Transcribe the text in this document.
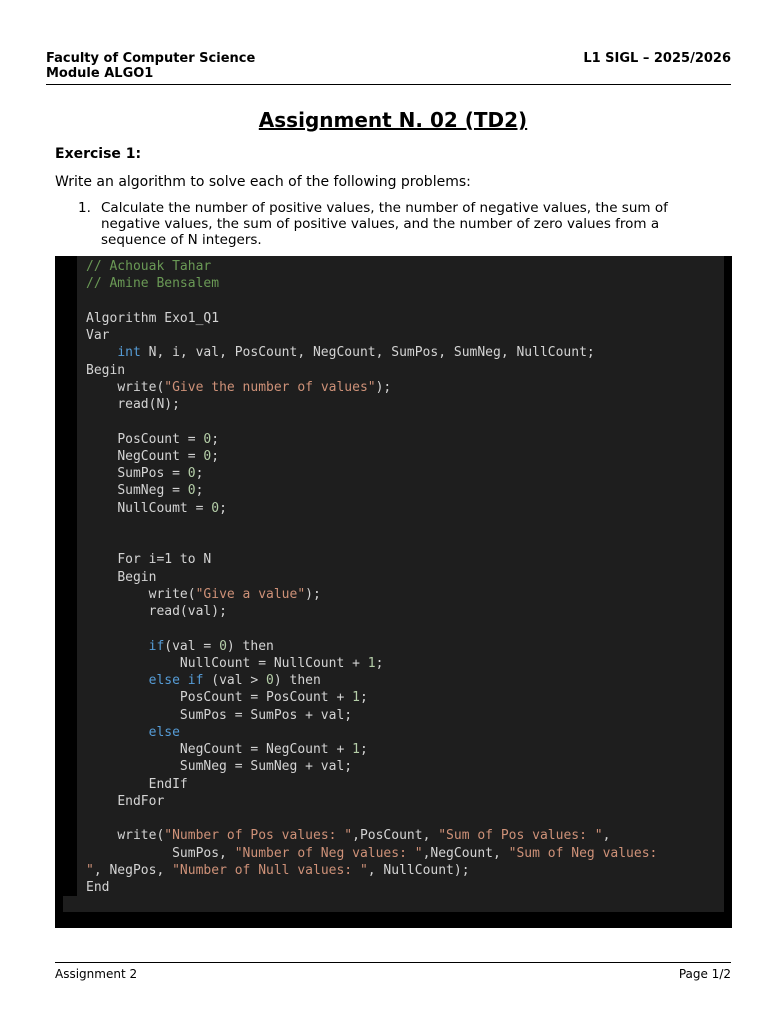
Faculty of Computer Science
Module ALGO1
L1 SIGL – 2025/2026
Assignment N. 02 (TD2)
Exercise 1:
Write an algorithm to solve each of the following problems:
1. Calculate the number of positive values, the number of negative values, the sum of negative values, the sum of positive values, and the number of zero values from a sequence of N integers.
// Achouak Tahar
// Amine Bensalem

Algorithm Exo1_Q1
Var
int N, i, val, PosCount, NegCount, SumPos, SumNeg, NullCount;
Begin
write("Give the number of values");
read(N);

PosCount = 0;
NegCount = 0;
SumPos = 0;
SumNeg = 0;
NullCoumt = 0;

For i=1 to N
Begin
write("Give a value");
read(val);

if(val = 0) then
NullCount = NullCount + 1;
else if (val > 0) then
PosCount = PosCount + 1;
SumPos = SumPos + val;
else
NegCount = NegCount + 1;
SumNeg = SumNeg + val;
EndIf
EndFor

write("Number of Pos values: ",PosCount, "Sum of Pos values: ",
SumPos, "Number of Neg values: ",NegCount, "Sum of Neg values:
", NegPos, "Number of Null values: ", NullCount);
End
Assignment 2	Page 1/2
